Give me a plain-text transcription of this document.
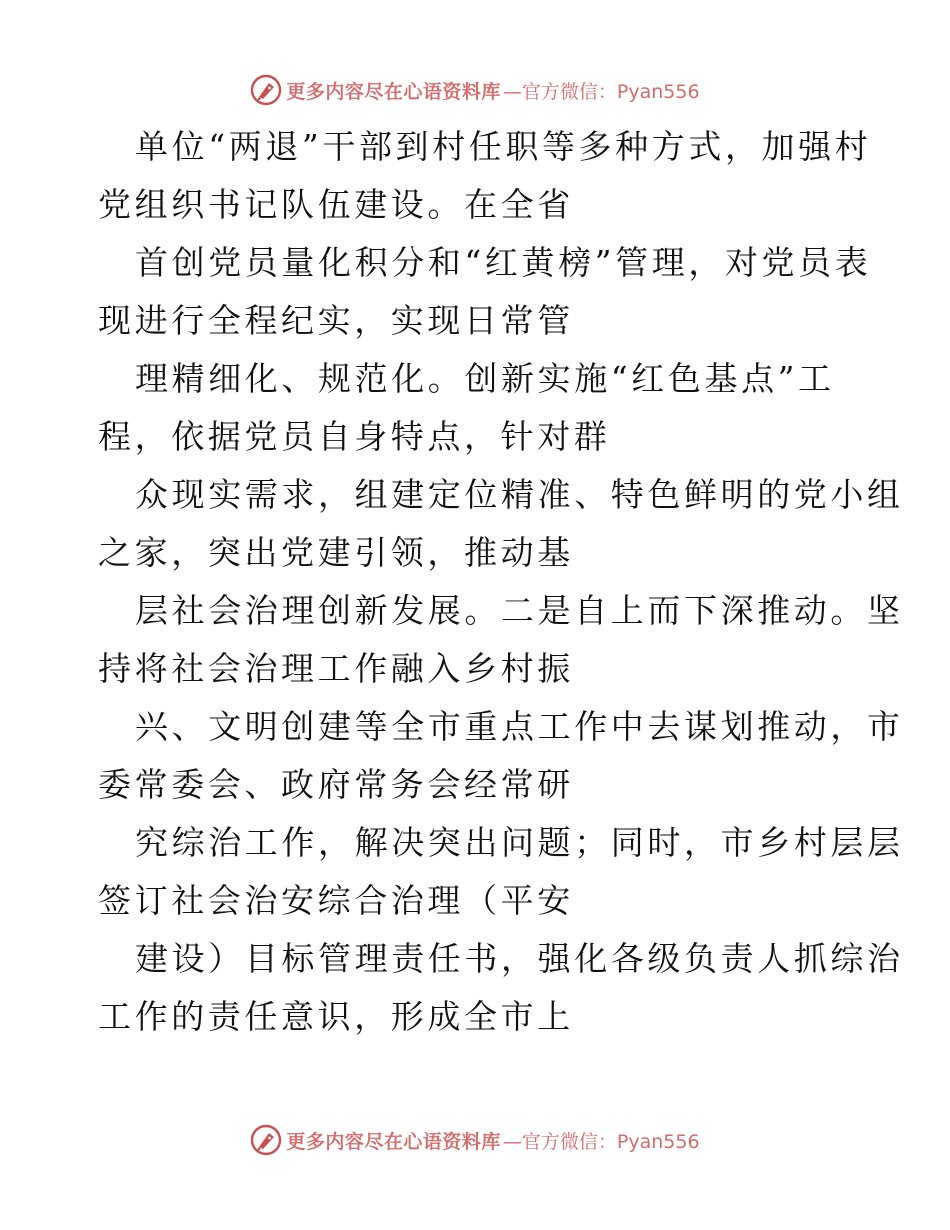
更多内容尽在心语资料库 —官方微信：Pyan556
单位“两退”干部到村任职等多种方式，加强村
党组织书记队伍建设。在全省
首创党员量化积分和“红黄榜”管理，对党员表
现进行全程纪实，实现日常管
理精细化、规范化。创新实施“红色基点”工
程，依据党员自身特点，针对群
众现实需求，组建定位精准、特色鲜明的党小组
之家，突出党建引领，推动基
层社会治理创新发展。二是自上而下深推动。坚
持将社会治理工作融入乡村振
兴、文明创建等全市重点工作中去谋划推动，市
委常委会、政府常务会经常研
究综治工作，解决突出问题；同时，市乡村层层
签订社会治安综合治理（平安
建设）目标管理责任书，强化各级负责人抓综治
工作的责任意识，形成全市上
更多内容尽在心语资料库 —官方微信：Pyan556
